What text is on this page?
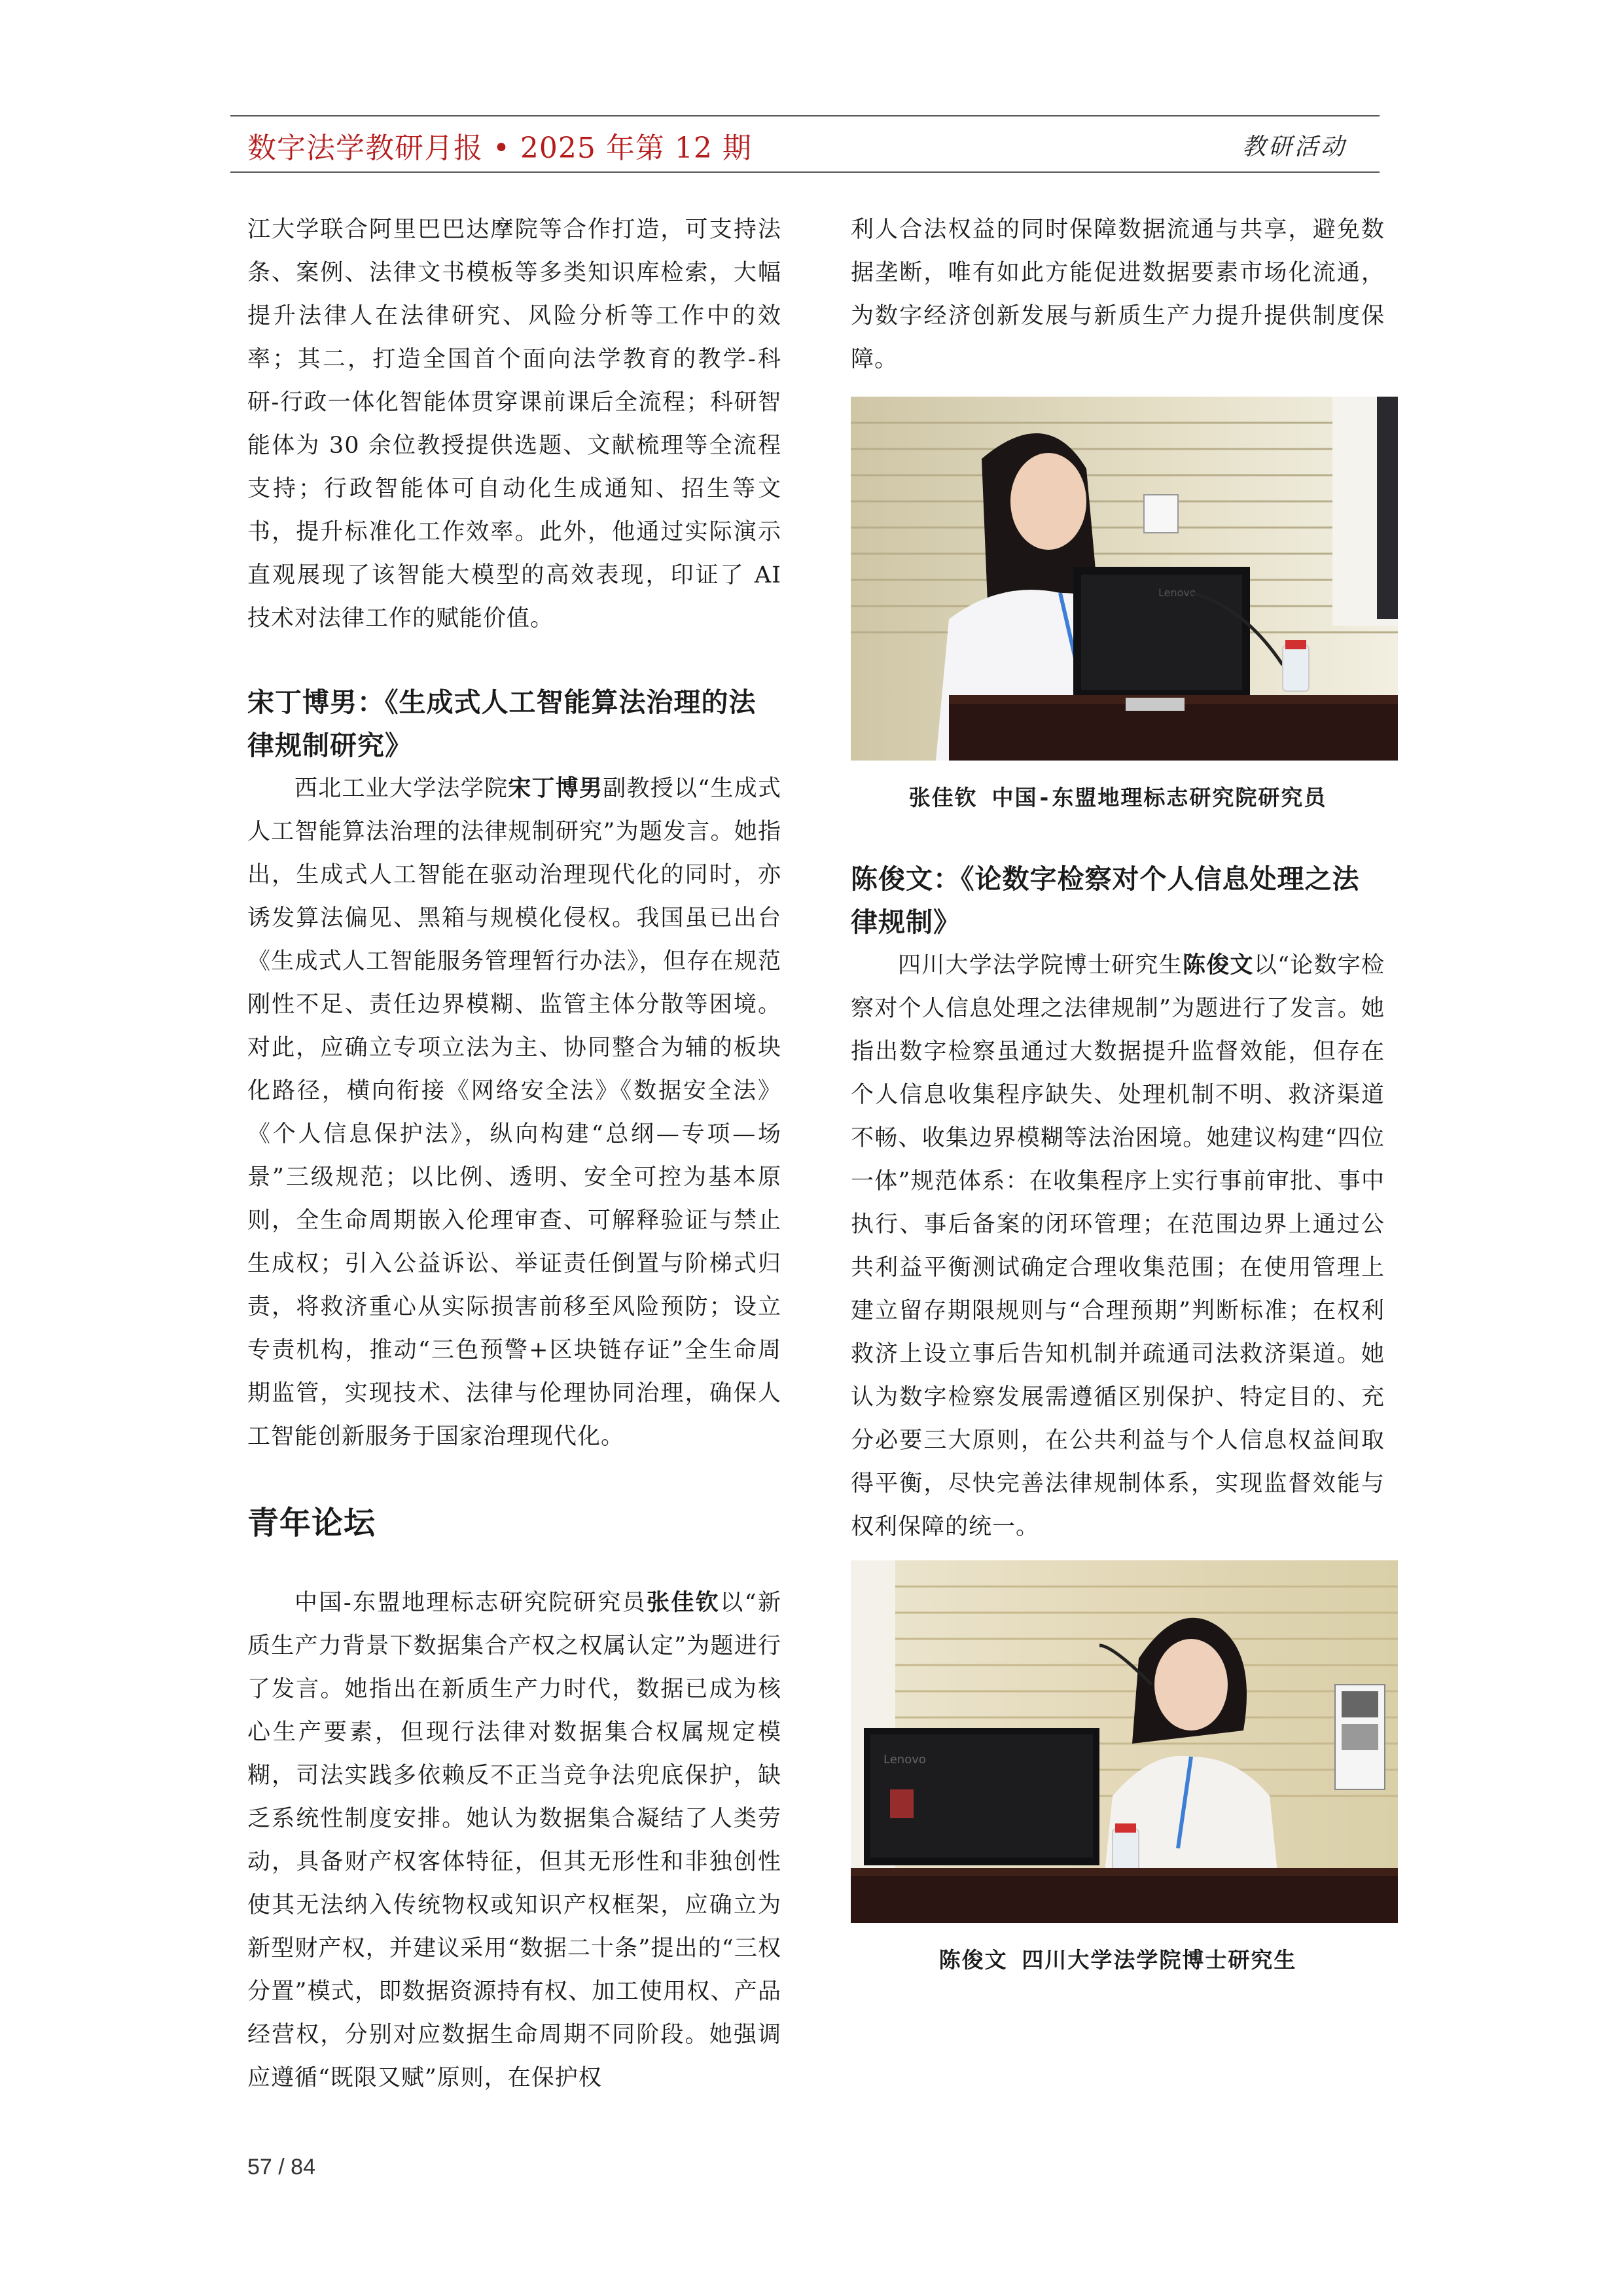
数字法学教研月报 • 2025 年第 12 期	教研活动

江大学联合阿里巴巴达摩院等合作打造，可支持法条、案例、法律文书模板等多类知识库检索，大幅提升法律人在法律研究、风险分析等工作中的效率；其二，打造全国首个面向法学教育的教学-科研-行政一体化智能体贯穿课前课后全流程；科研智能体为 30 余位教授提供选题、文献梳理等全流程支持；行政智能体可自动化生成通知、招生等文书，提升标准化工作效率。此外，他通过实际演示直观展现了该智能大模型的高效表现，印证了 AI 技术对法律工作的赋能价值。

宋丁博男：《生成式人工智能算法治理的法律规制研究》

西北工业大学法学院宋丁博男副教授以“生成式人工智能算法治理的法律规制研究”为题发言。她指出，生成式人工智能在驱动治理现代化的同时，亦诱发算法偏见、黑箱与规模化侵权。我国虽已出台《生成式人工智能服务管理暂行办法》，但存在规范刚性不足、责任边界模糊、监管主体分散等困境。对此，应确立专项立法为主、协同整合为辅的板块化路径，横向衔接《网络安全法》《数据安全法》《个人信息保护法》，纵向构建“总纲—专项—场景”三级规范；以比例、透明、安全可控为基本原则，全生命周期嵌入伦理审查、可解释验证与禁止生成权；引入公益诉讼、举证责任倒置与阶梯式归责，将救济重心从实际损害前移至风险预防；设立专责机构，推动“三色预警+区块链存证”全生命周期监管，实现技术、法律与伦理协同治理，确保人工智能创新服务于国家治理现代化。

青年论坛

中国-东盟地理标志研究院研究员张佳钦以“新质生产力背景下数据集合产权之权属认定”为题进行了发言。她指出在新质生产力时代，数据已成为核心生产要素，但现行法律对数据集合权属规定模糊，司法实践多依赖反不正当竞争法兜底保护，缺乏系统性制度安排。她认为数据集合凝结了人类劳动，具备财产权客体特征，但其无形性和非独创性使其无法纳入传统物权或知识产权框架，应确立为新型财产权，并建议采用“数据二十条”提出的“三权分置”模式，即数据资源持有权、加工使用权、产品经营权，分别对应数据生命周期不同阶段。她强调应遵循“既限又赋”原则，在保护权

利人合法权益的同时保障数据流通与共享，避免数据垄断，唯有如此方能促进数据要素市场化流通，为数字经济创新发展与新质生产力提升提供制度保障。

Lenovo

张佳钦 中国-东盟地理标志研究院研究员

陈俊文：《论数字检察对个人信息处理之法律规制》

四川大学法学院博士研究生陈俊文以“论数字检察对个人信息处理之法律规制”为题进行了发言。她指出数字检察虽通过大数据提升监督效能，但存在个人信息收集程序缺失、处理机制不明、救济渠道不畅、收集边界模糊等法治困境。她建议构建“四位一体”规范体系：在收集程序上实行事前审批、事中执行、事后备案的闭环管理；在范围边界上通过公共利益平衡测试确定合理收集范围；在使用管理上建立留存期限规则与“合理预期”判断标准；在权利救济上设立事后告知机制并疏通司法救济渠道。她认为数字检察发展需遵循区别保护、特定目的、充分必要三大原则，在公共利益与个人信息权益间取得平衡，尽快完善法律规制体系，实现监督效能与权利保障的统一。

Lenovo

陈俊文 四川大学法学院博士研究生

57 / 84
